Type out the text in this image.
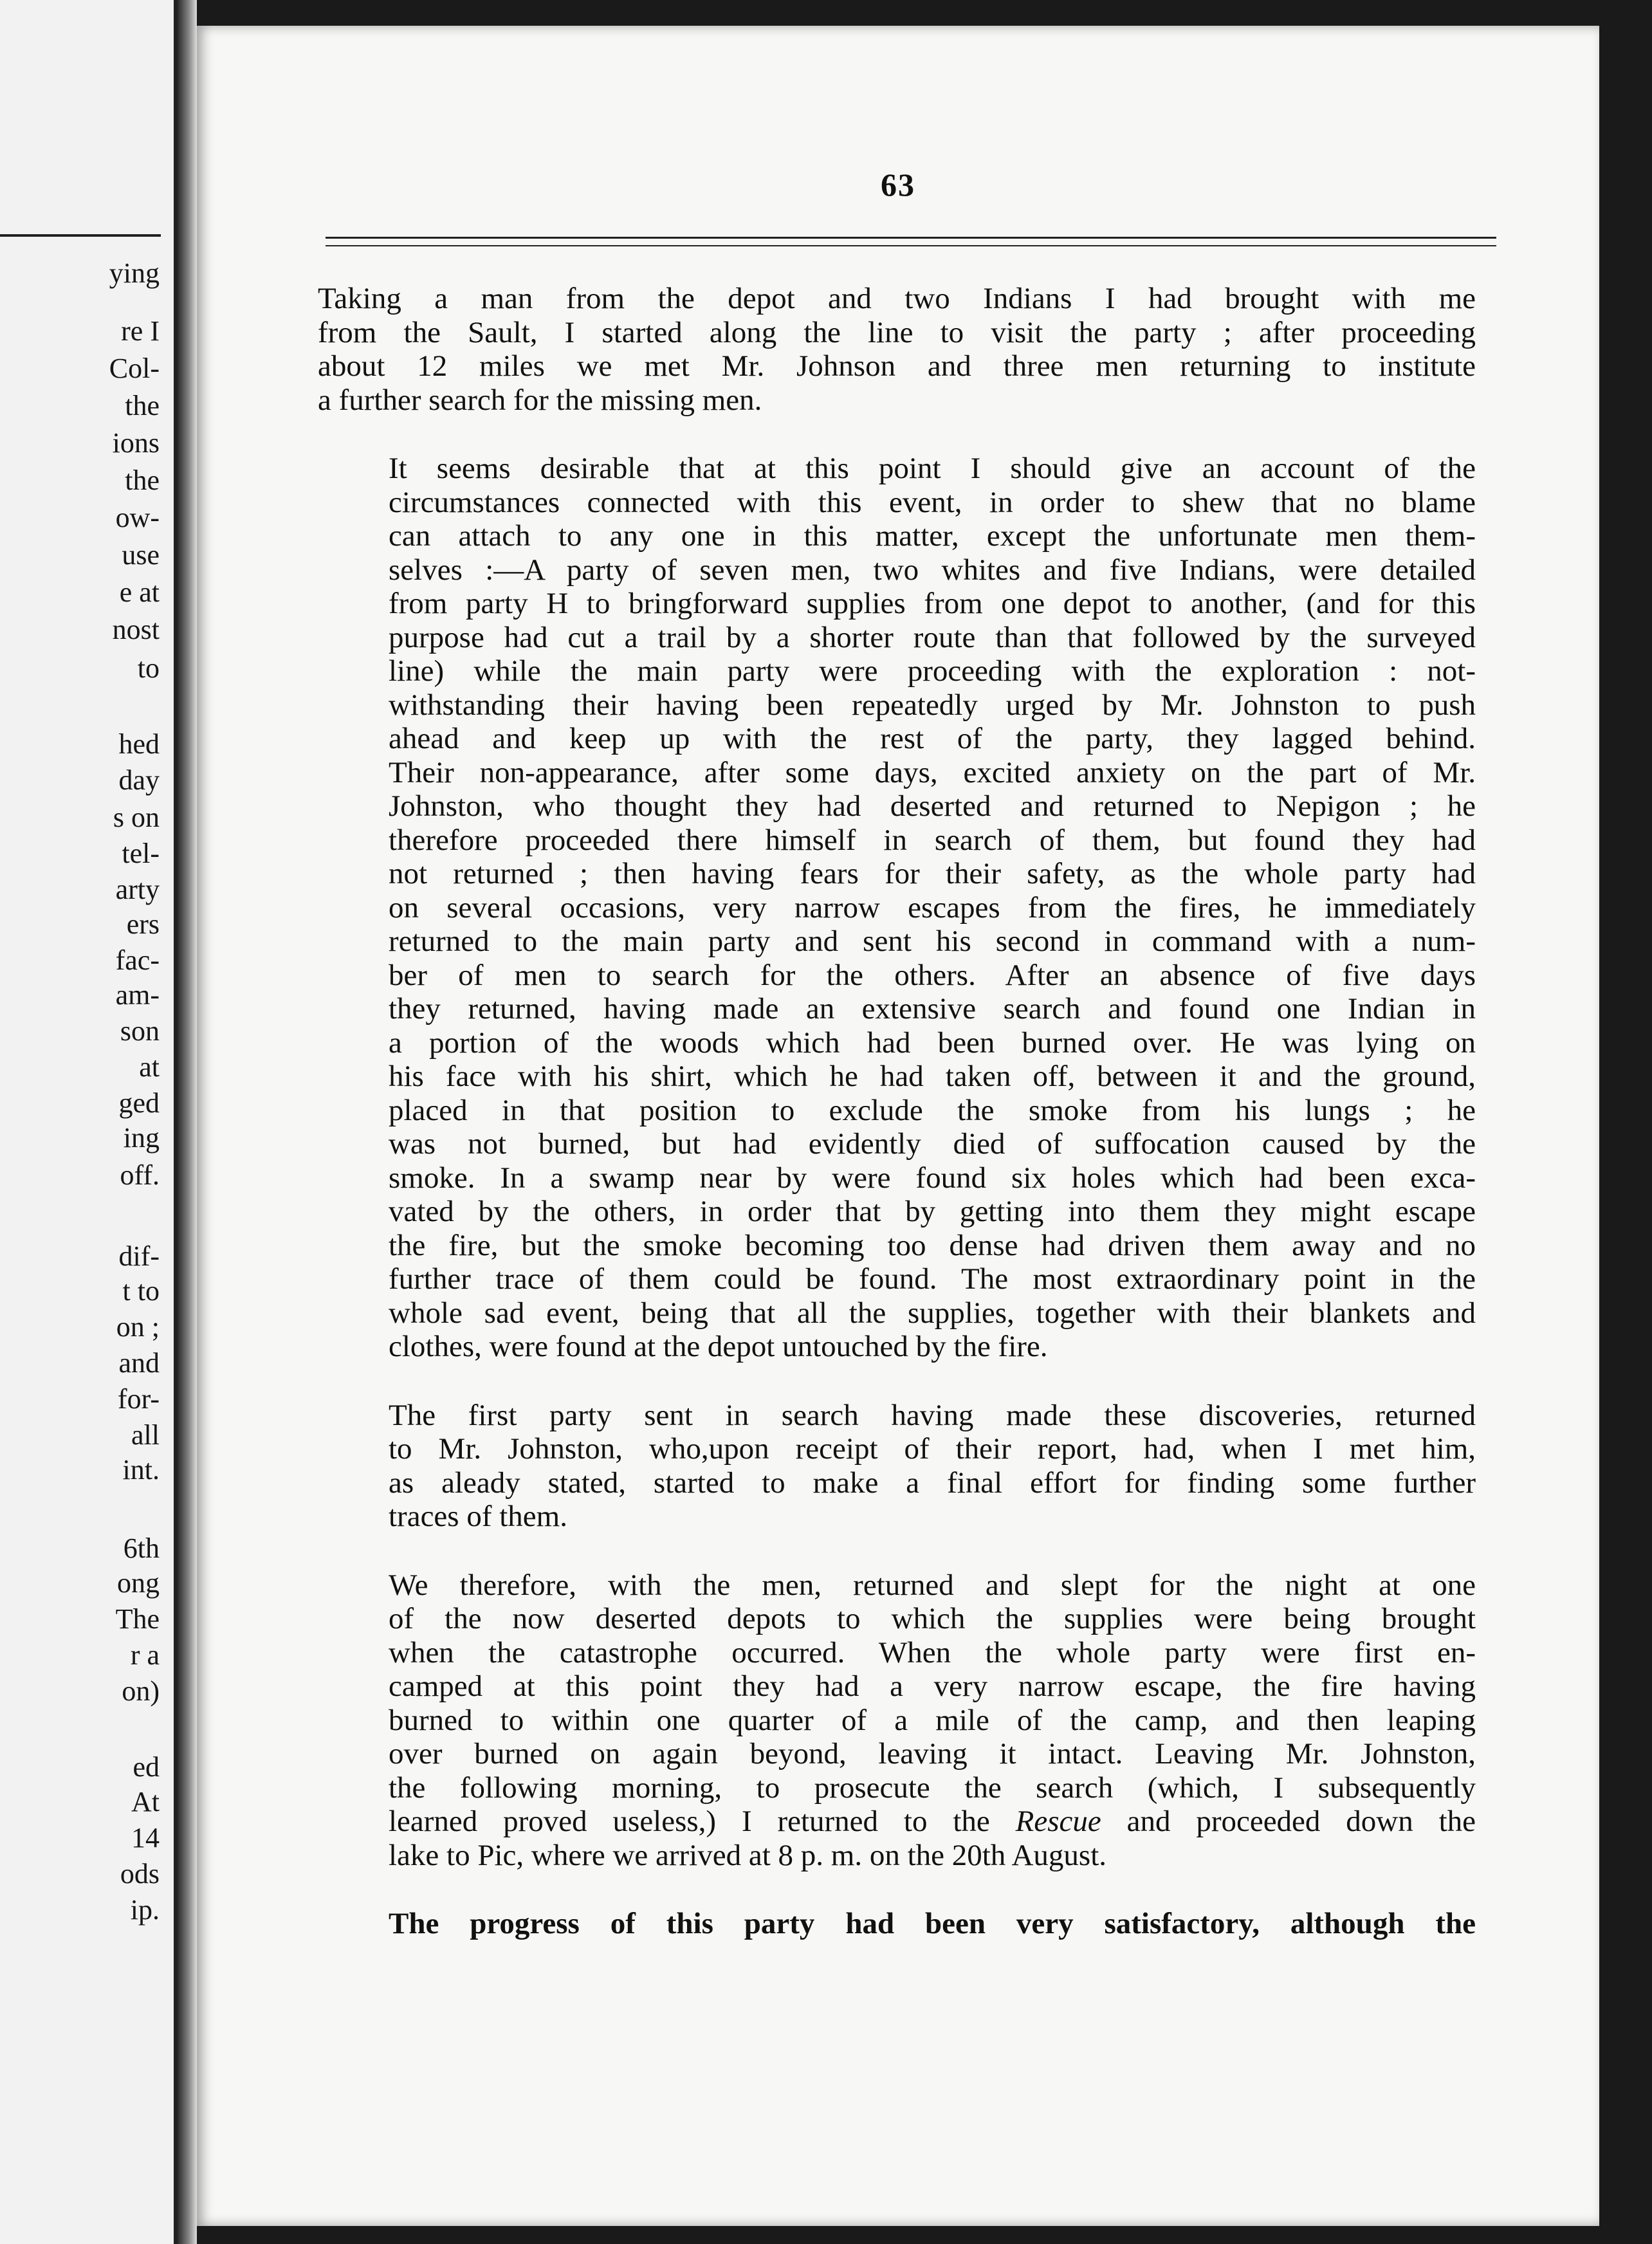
ying
re I
Col-
the
ions
the
ow-
use
e at
nost
to
hed
day
s on
tel-
arty
ers
fac-
am-
son
at
ged
ing
off.
dif-
t to
on ;
and
for-
all
int.
6th
ong
The
r a
on)
ed
At
14
ods
ip.
63
Taking a man from the depot and two Indians I had brought with me
from the Sault, I started along the line to visit the party ; after proceeding
about 12 miles we met Mr. Johnson and three men returning to institute
a further search for the missing men.
It seems desirable that at this point I should give an account of the
circumstances connected with this event, in order to shew that no blame
can attach to any one in this matter, except the unfortunate men them-
selves :—A party of seven men, two whites and five Indians, were detailed
from party H to bringforward supplies from one depot to another, (and for this
purpose had cut a trail by a shorter route than that followed by the surveyed
line) while the main party were proceeding with the exploration : not-
withstanding their having been repeatedly urged by Mr. Johnston to push
ahead and keep up with the rest of the party, they lagged behind.
Their non-appearance, after some days, excited anxiety on the part of Mr.
Johnston, who thought they had deserted and returned to Nepigon ; he
therefore proceeded there himself in search of them, but found they had
not returned ; then having fears for their safety, as the whole party had
on several occasions, very narrow escapes from the fires, he immediately
returned to the main party and sent his second in command with a num-
ber of men to search for the others. After an absence of five days
they returned, having made an extensive search and found one Indian in
a portion of the woods which had been burned over. He was lying on
his face with his shirt, which he had taken off, between it and the ground,
placed in that position to exclude the smoke from his lungs ; he
was not burned, but had evidently died of suffocation caused by the
smoke. In a swamp near by were found six holes which had been exca-
vated by the others, in order that by getting into them they might escape
the fire, but the smoke becoming too dense had driven them away and no
further trace of them could be found. The most extraordinary point in the
whole sad event, being that all the supplies, together with their blankets and
clothes, were found at the depot untouched by the fire.
The first party sent in search having made these discoveries, returned
to Mr. Johnston, who,upon receipt of their report, had, when I met him,
as aleady stated, started to make a final effort for finding some further
traces of them.
We therefore, with the men, returned and slept for the night at one
of the now deserted depots to which the supplies were being brought
when the catastrophe occurred. When the whole party were first en-
camped at this point they had a very narrow escape, the fire having
burned to within one quarter of a mile of the camp, and then leaping
over burned on again beyond, leaving it intact. Leaving Mr. Johnston,
the following morning, to prosecute the search (which, I subsequently
learned proved useless,) I returned to the Rescue and proceeded down the
lake to Pic, where we arrived at 8 p. m. on the 20th August.
The progress of this party had been very satisfactory, although the
